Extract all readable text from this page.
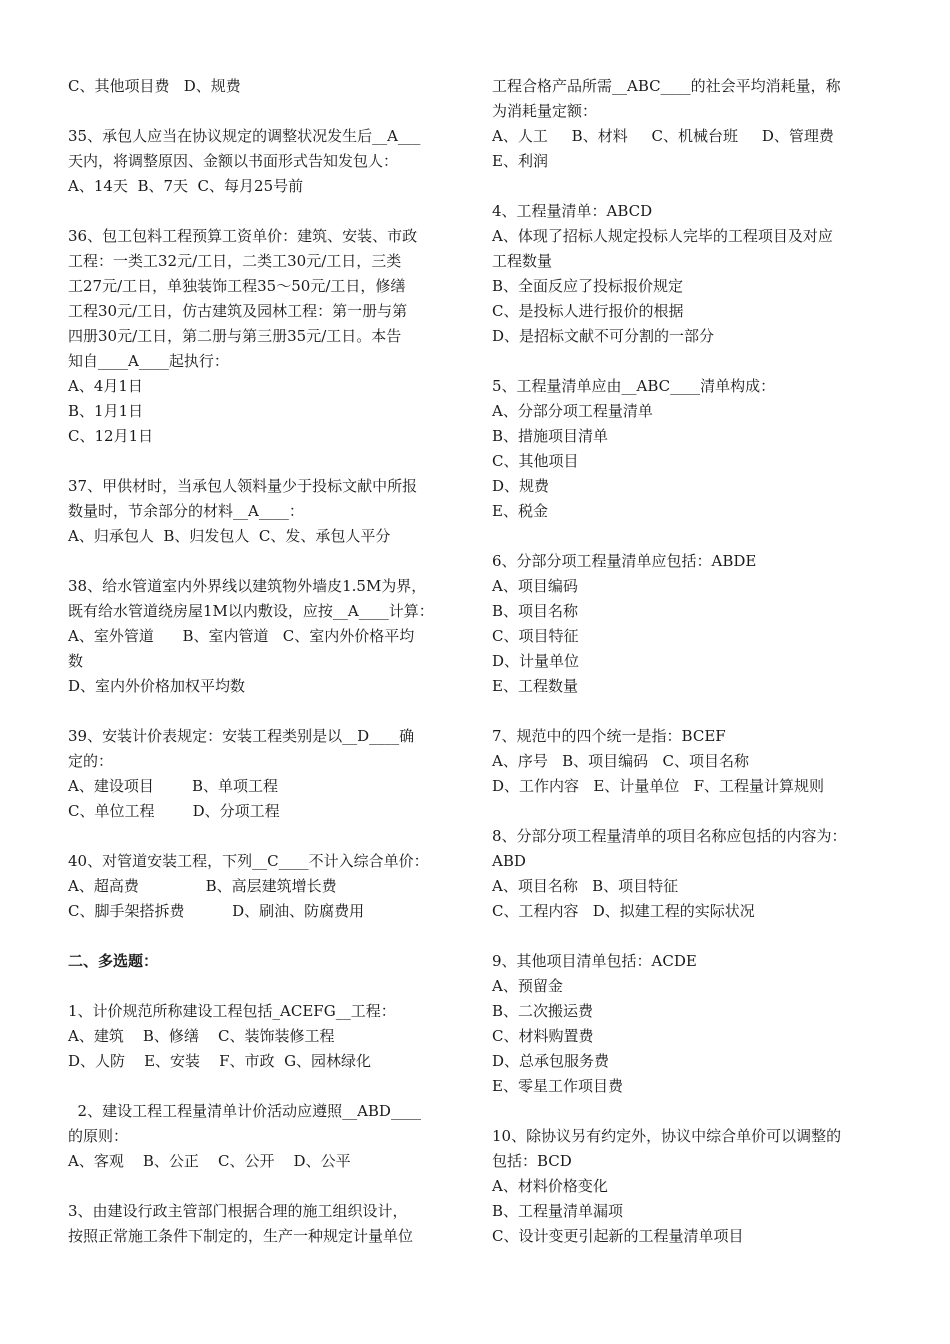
C、其他项目费   D、规费
35、承包人应当在协议规定的调整状况发生后__A___
天内，将调整原因、金额以书面形式告知发包人：
A、14天  B、7天  C、每月25号前
36、包工包料工程预算工资单价：建筑、安装、市政
工程：一类工32元/工日，二类工30元/工日，三类
工27元/工日，单独装饰工程35～50元/工日，修缮
工程30元/工日，仿古建筑及园林工程：第一册与第
四册30元/工日，第二册与第三册35元/工日。本告
知自____A____起执行：
A、4月1日
B、1月1日
C、12月1日
37、甲供材时，当承包人领料量少于投标文献中所报
数量时，节余部分的材料__A____：
A、归承包人  B、归发包人  C、发、承包人平分
38、给水管道室内外界线以建筑物外墙皮1.5M为界，
既有给水管道绕房屋1M以内敷设，应按__A____计算：
A、室外管道      B、室内管道   C、室内外价格平均
数
D、室内外价格加权平均数
39、安装计价表规定：安装工程类别是以__D____确
定的：
A、建设项目        B、单项工程
C、单位工程        D、分项工程
40、对管道安装工程，下列__C____不计入综合单价：
A、超高费              B、高层建筑增长费
C、脚手架搭拆费          D、刷油、防腐费用
二、多选题：
1、计价规范所称建设工程包括_ACEFG__工程：
A、建筑    B、修缮    C、装饰装修工程
D、人防    E、安装    F、市政  G、园林绿化
2、建设工程工程量清单计价活动应遵照__ABD____
的原则：
A、客观    B、公正    C、公开    D、公平
3、由建设行政主管部门根据合理的施工组织设计，
按照正常施工条件下制定的，生产一种规定计量单位
工程合格产品所需__ABC____的社会平均消耗量，称
为消耗量定额：
A、人工     B、材料     C、机械台班     D、管理费
E、利润
4、工程量清单：ABCD
A、体现了招标人规定投标人完毕的工程项目及对应
工程数量
B、全面反应了投标报价规定
C、是投标人进行报价的根据
D、是招标文献不可分割的一部分
5、工程量清单应由__ABC____清单构成：
A、分部分项工程量清单
B、措施项目清单
C、其他项目
D、规费
E、税金
6、分部分项工程量清单应包括：ABDE
A、项目编码
B、项目名称
C、项目特征
D、计量单位
E、工程数量
7、规范中的四个统一是指：BCEF
A、序号   B、项目编码   C、项目名称
D、工作内容   E、计量单位   F、工程量计算规则
8、分部分项工程量清单的项目名称应包括的内容为：
ABD
A、项目名称   B、项目特征
C、工程内容   D、拟建工程的实际状况
9、其他项目清单包括：ACDE
A、预留金
B、二次搬运费
C、材料购置费
D、总承包服务费
E、零星工作项目费
10、除协议另有约定外，协议中综合单价可以调整的
包括：BCD
A、材料价格变化
B、工程量清单漏项
C、设计变更引起新的工程量清单项目
